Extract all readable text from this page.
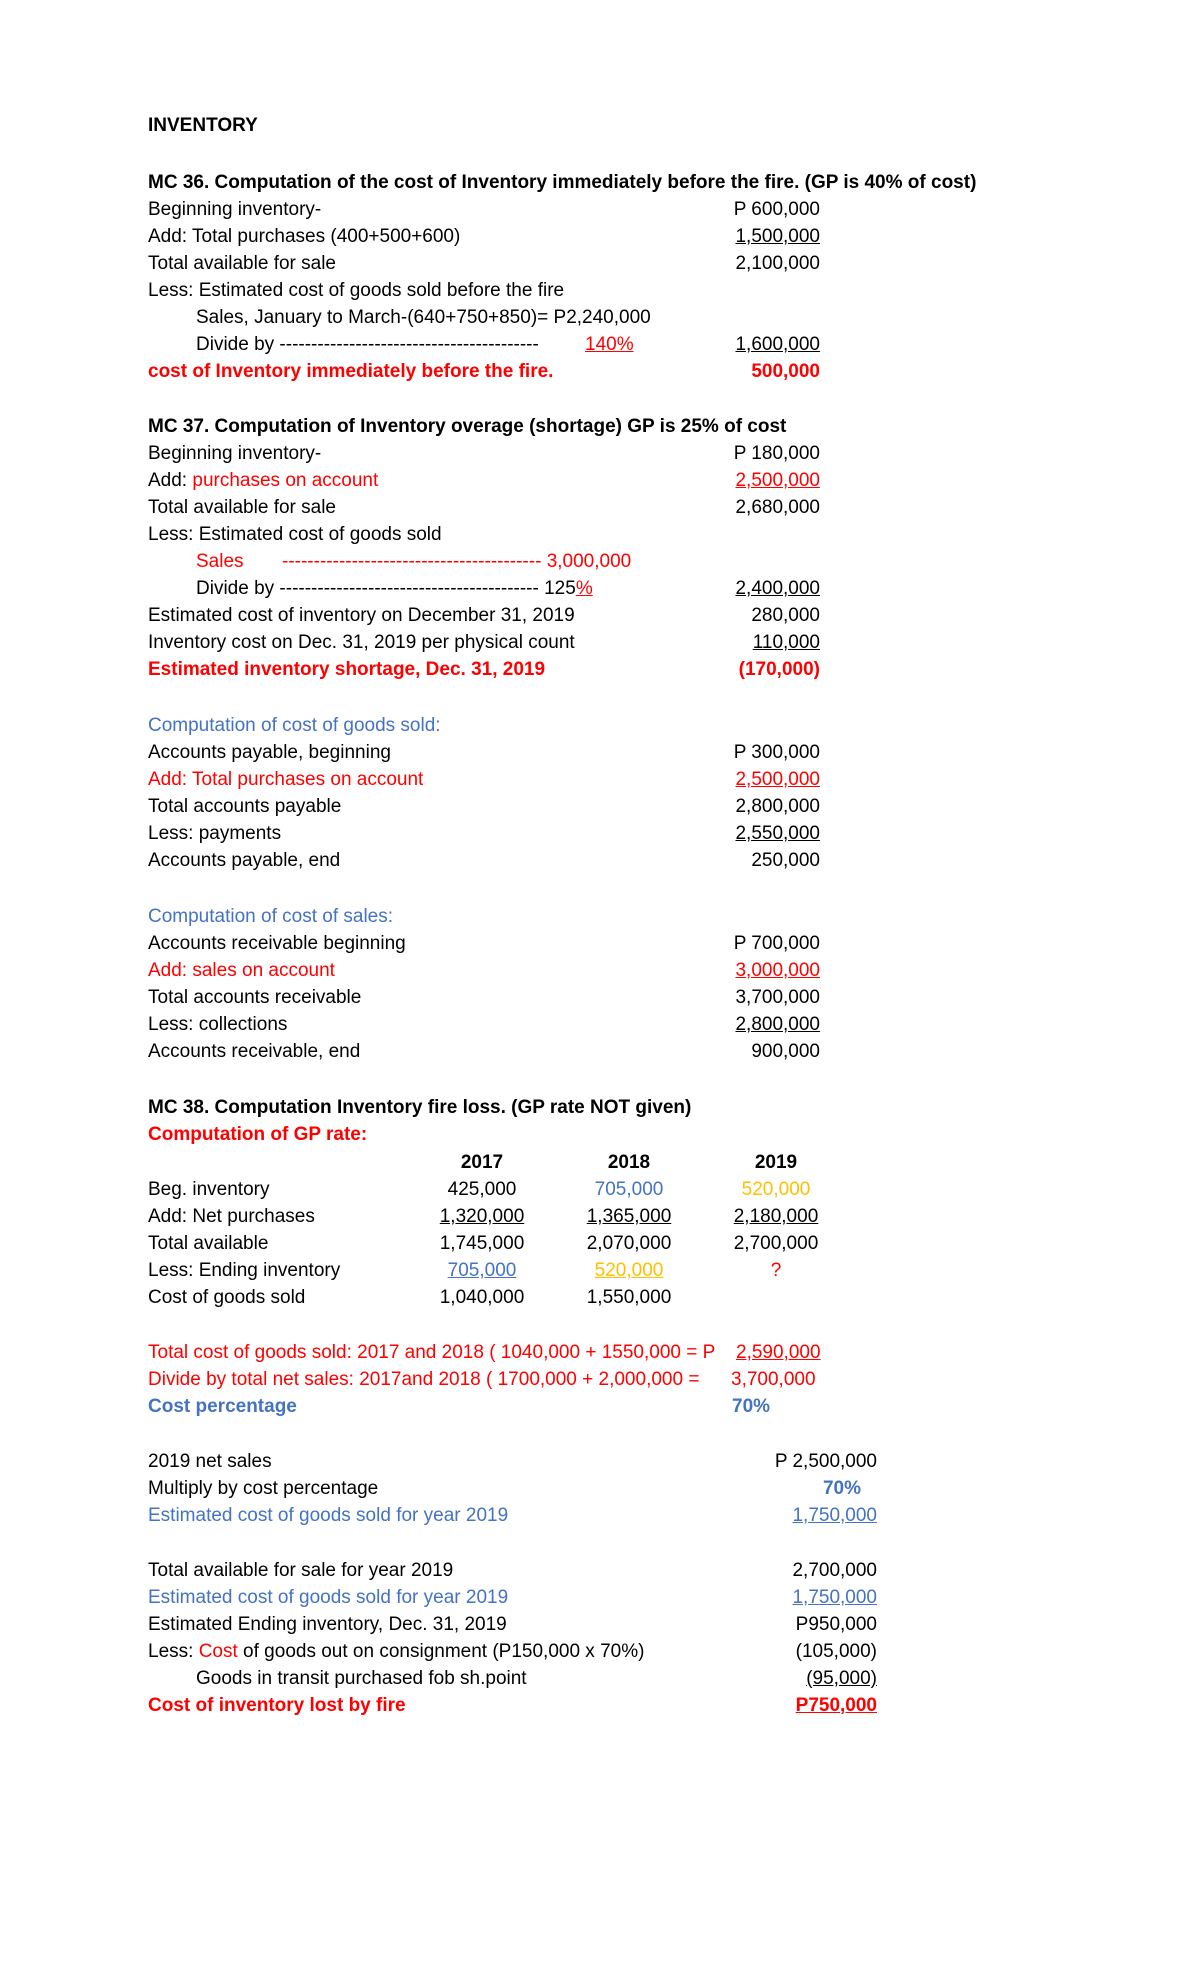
INVENTORY
MC 36. Computation of the cost of Inventory immediately before the fire. (GP is 40% of cost)
Beginning inventory-	P 600,000
Add: Total purchases (400+500+600)	1,500,000
Total available for sale	2,100,000
Less: Estimated cost of goods sold before the fire
Sales, January to March-(640+750+850)= P2,240,000
Divide by ----------------------------------------- 140%	1,600,000
cost of Inventory immediately before the fire.	500,000
MC 37. Computation of Inventory overage (shortage) GP is 25% of cost
Beginning inventory-	P 180,000
Add: purchases on account	2,500,000
Total available for sale	2,680,000
Less: Estimated cost of goods sold
Sales ----------------------------------------- 3,000,000
Divide by ----------------------------------------- 125%	2,400,000
Estimated cost of inventory on December 31, 2019	280,000
Inventory cost on Dec. 31, 2019 per physical count	110,000
Estimated inventory shortage, Dec. 31, 2019	(170,000)
Computation of cost of goods sold:
Accounts payable, beginning	P 300,000
Add: Total purchases on account	2,500,000
Total accounts payable	2,800,000
Less: payments	2,550,000
Accounts payable, end	250,000
Computation of cost of sales:
Accounts receivable beginning	P 700,000
Add: sales on account	3,000,000
Total accounts receivable	3,700,000
Less: collections	2,800,000
Accounts receivable, end	900,000
MC 38. Computation Inventory fire loss. (GP rate NOT given)
Computation of GP rate:
2017	2018	2019
Beg. inventory	425,000	705,000	520,000
Add: Net purchases	1,320,000	1,365,000	2,180,000
Total available	1,745,000	2,070,000	2,700,000
Less: Ending inventory	705,000	520,000	?
Cost of goods sold	1,040,000	1,550,000
Total cost of goods sold: 2017 and 2018 ( 1040,000 + 1550,000 = P 2,590,000
Divide by total net sales: 2017and 2018 ( 1700,000 + 2,000,000 = 3,700,000
Cost percentage	70%
2019 net sales	P 2,500,000
Multiply by cost percentage	70%
Estimated cost of goods sold for year 2019	1,750,000
Total available for sale for year 2019	2,700,000
Estimated cost of goods sold for year 2019	1,750,000
Estimated Ending inventory, Dec. 31, 2019	P950,000
Less: Cost of goods out on consignment (P150,000 x 70%)	(105,000)
Goods in transit purchased fob sh.point	(95,000)
Cost of inventory lost by fire	P750,000
